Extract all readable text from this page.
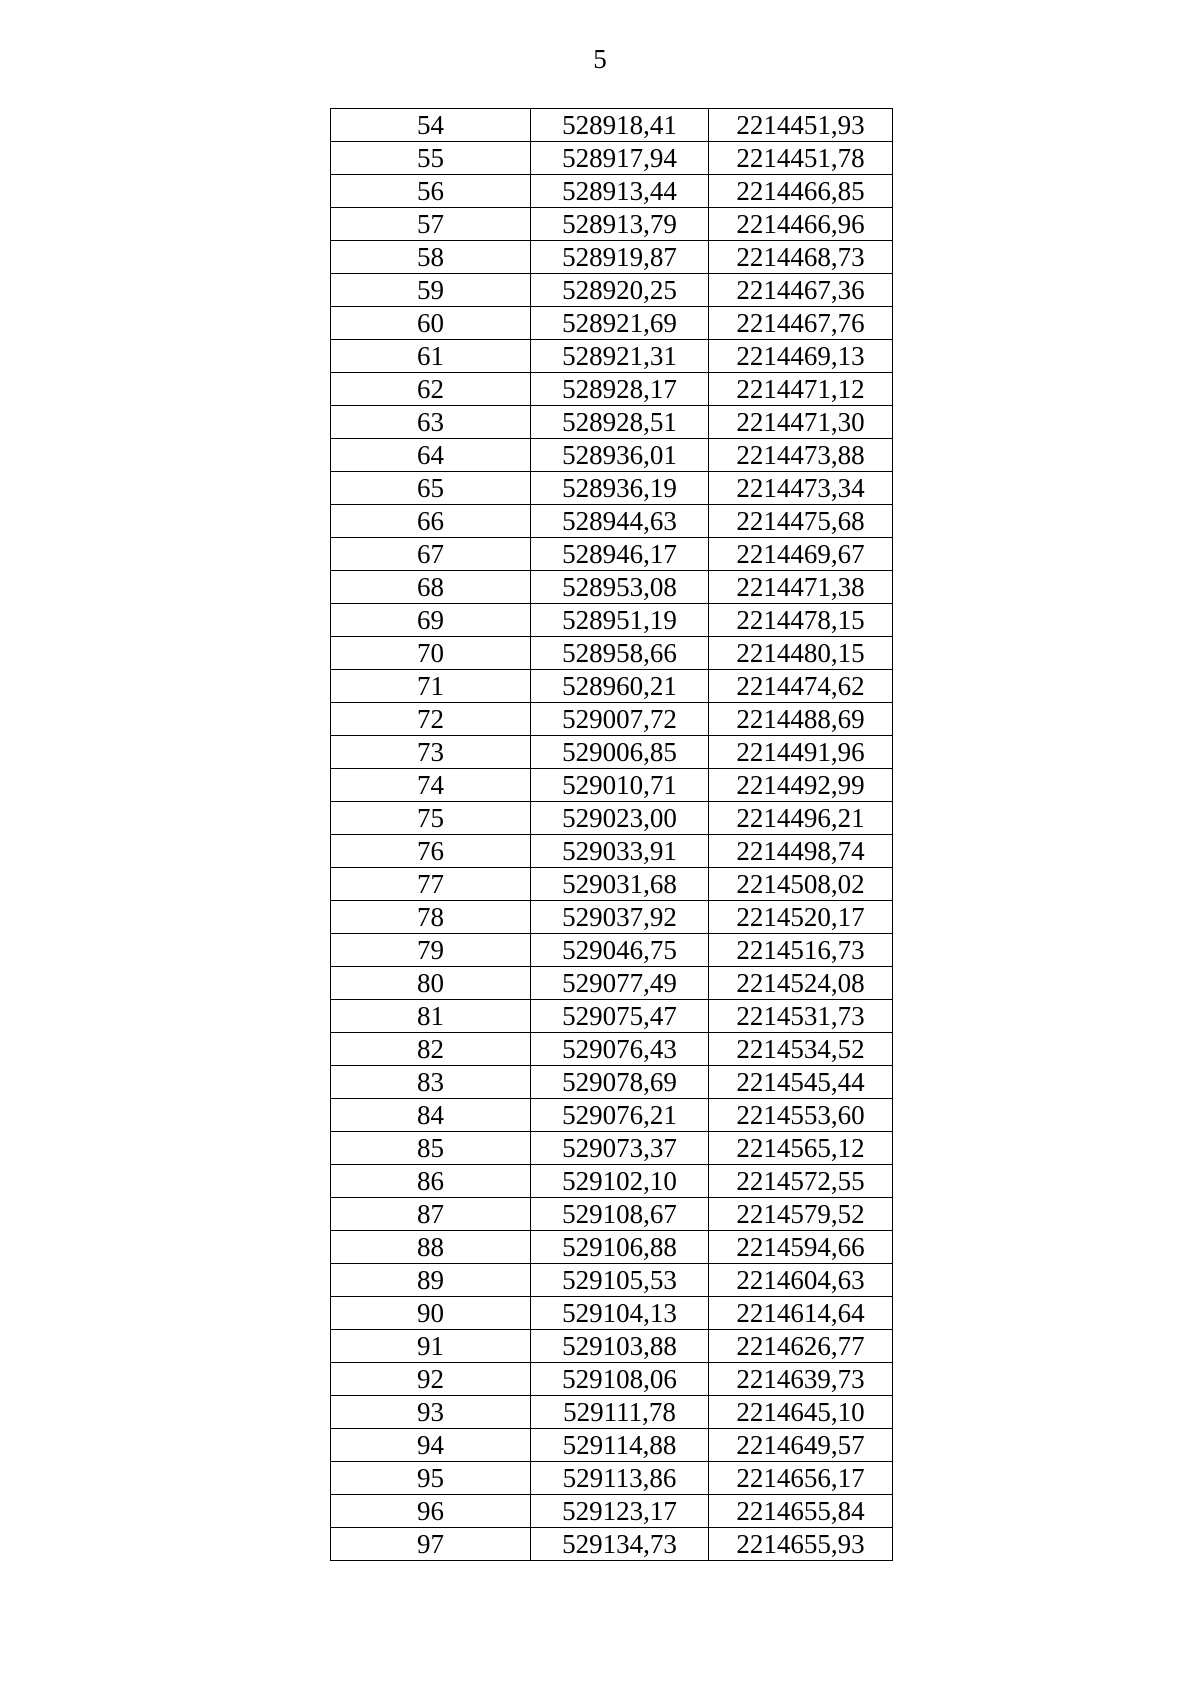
5
54	528918,41	2214451,93
55	528917,94	2214451,78
56	528913,44	2214466,85
57	528913,79	2214466,96
58	528919,87	2214468,73
59	528920,25	2214467,36
60	528921,69	2214467,76
61	528921,31	2214469,13
62	528928,17	2214471,12
63	528928,51	2214471,30
64	528936,01	2214473,88
65	528936,19	2214473,34
66	528944,63	2214475,68
67	528946,17	2214469,67
68	528953,08	2214471,38
69	528951,19	2214478,15
70	528958,66	2214480,15
71	528960,21	2214474,62
72	529007,72	2214488,69
73	529006,85	2214491,96
74	529010,71	2214492,99
75	529023,00	2214496,21
76	529033,91	2214498,74
77	529031,68	2214508,02
78	529037,92	2214520,17
79	529046,75	2214516,73
80	529077,49	2214524,08
81	529075,47	2214531,73
82	529076,43	2214534,52
83	529078,69	2214545,44
84	529076,21	2214553,60
85	529073,37	2214565,12
86	529102,10	2214572,55
87	529108,67	2214579,52
88	529106,88	2214594,66
89	529105,53	2214604,63
90	529104,13	2214614,64
91	529103,88	2214626,77
92	529108,06	2214639,73
93	529111,78	2214645,10
94	529114,88	2214649,57
95	529113,86	2214656,17
96	529123,17	2214655,84
97	529134,73	2214655,93
